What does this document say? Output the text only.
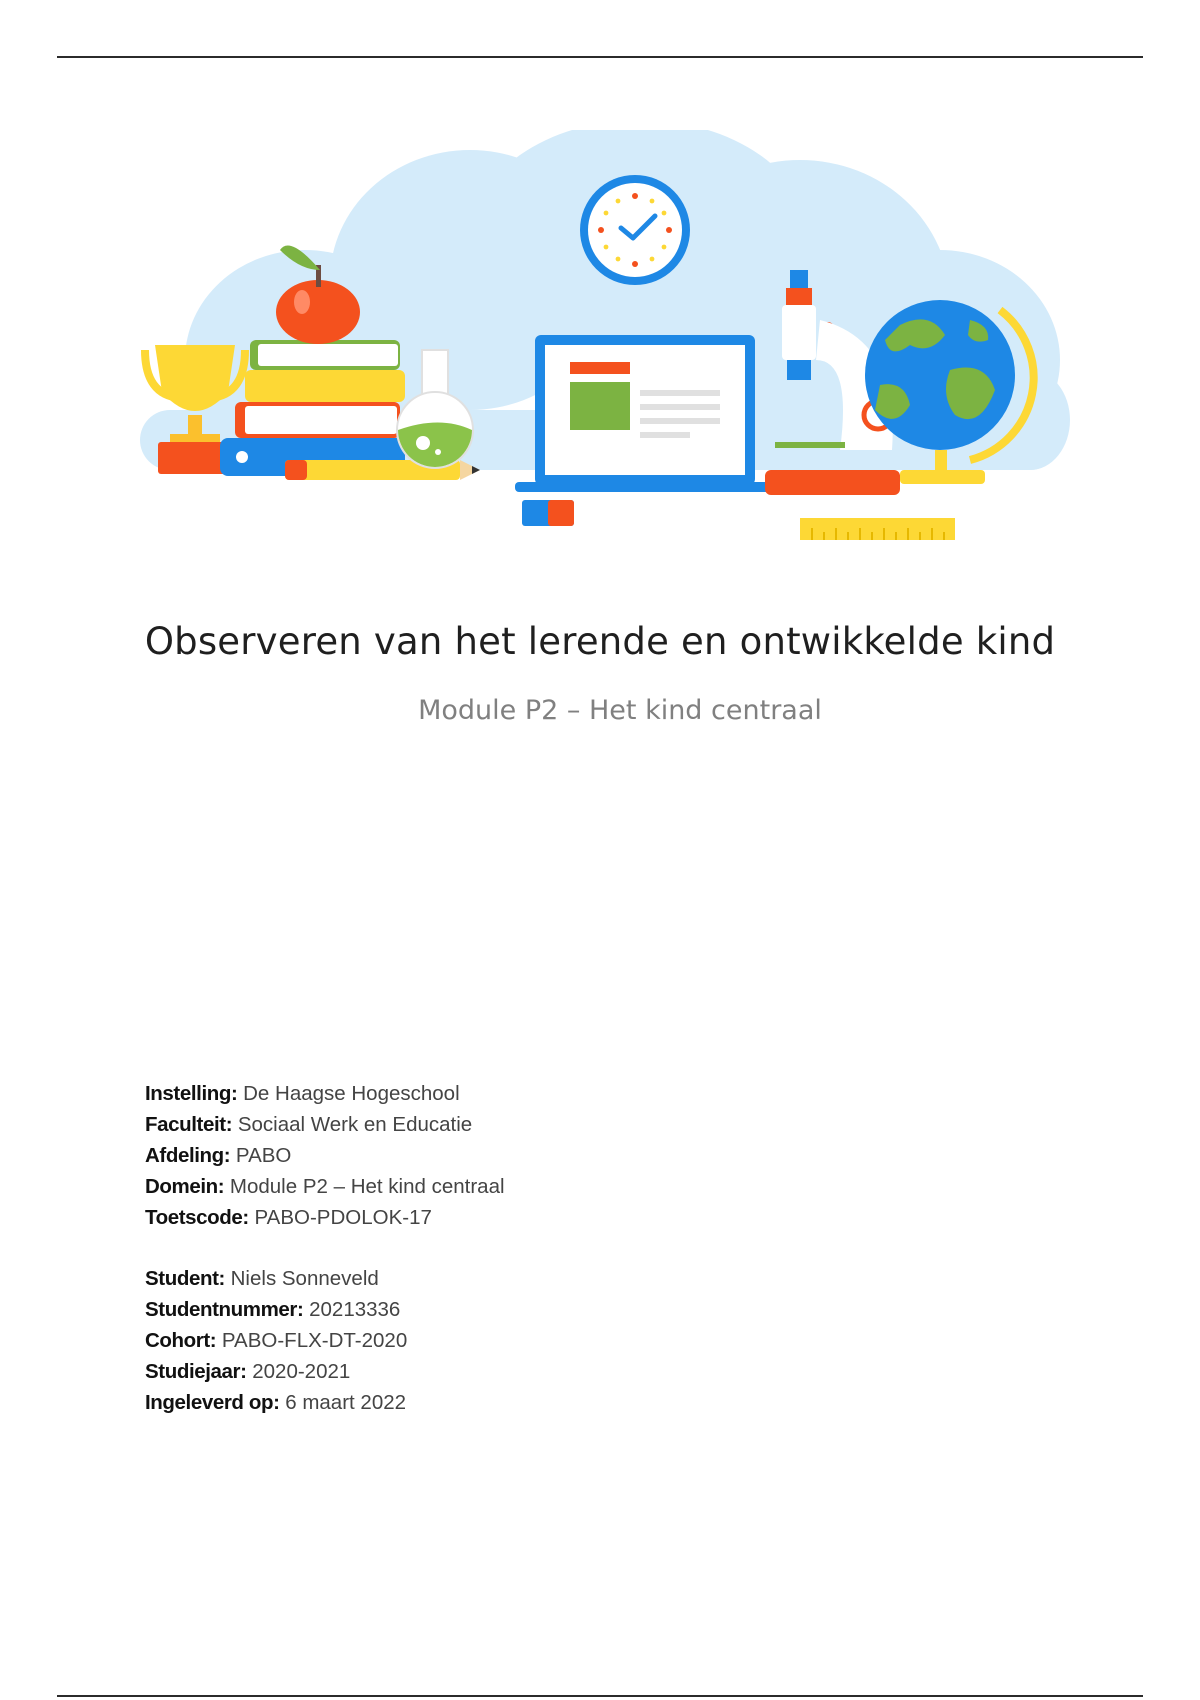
Observeren van het lerende en ontwikkelde kind
Module P2 – Het kind centraal
Instelling: De Haagse Hogeschool
Faculteit: Sociaal Werk en Educatie
Afdeling: PABO
Domein: Module P2 – Het kind centraal
Toetscode: PABO-PDOLOK-17
Student: Niels Sonneveld
Studentnummer: 20213336
Cohort: PABO-FLX-DT-2020
Studiejaar: 2020-2021
Ingeleverd op: 6 maart 2022
